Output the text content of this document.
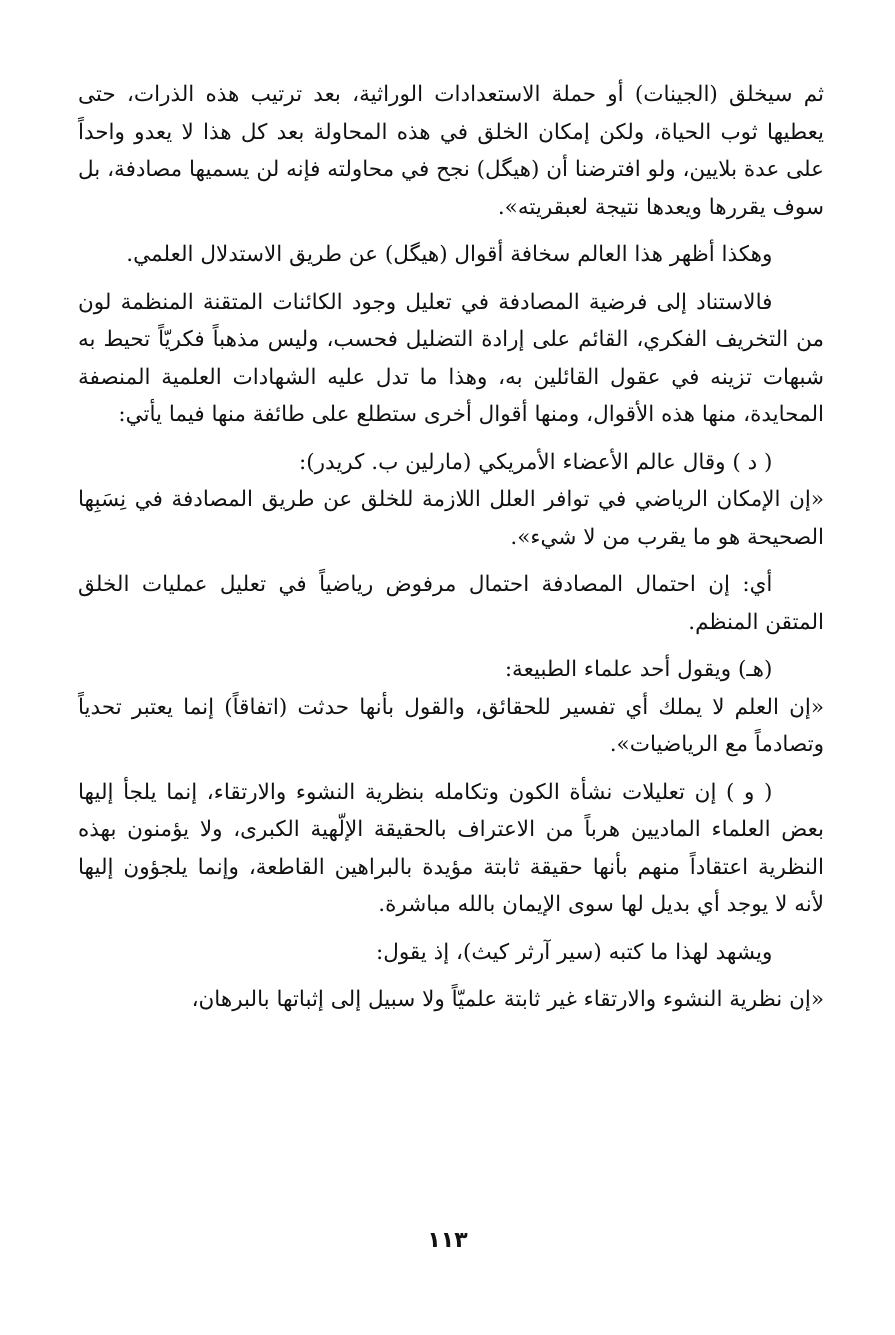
ثم سيخلق (الجينات) أو حملة الاستعدادات الوراثية، بعد ترتيب هذه الذرات، حتى يعطيها ثوب الحياة، ولكن إمكان الخلق في هذه المحاولة بعد كل هذا لا يعدو واحداً على عدة بلايين، ولو افترضنا أن (هيگل) نجح في محاولته فإنه لن يسميها مصادفة، بل سوف يقررها ويعدها نتيجة لعبقريته».

وهكذا أظهر هذا العالم سخافة أقوال (هيگل) عن طريق الاستدلال العلمي.

فالاستناد إلى فرضية المصادفة في تعليل وجود الكائنات المتقنة المنظمة لون من التخريف الفكري، القائم على إرادة التضليل فحسب، وليس مذهباً فكريّاً تحيط به شبهات تزينه في عقول القائلين به، وهذا ما تدل عليه الشهادات العلمية المنصفة المحايدة، منها هذه الأقوال، ومنها أقوال أخرى ستطلع على طائفة منها فيما يأتي:

( د ) وقال عالم الأعضاء الأمريكي (مارلين ب. كريدر):

«إن الإمكان الرياضي في توافر العلل اللازمة للخلق عن طريق المصادفة في نِسَبِها الصحيحة هو ما يقرب من لا شيء».

أي: إن احتمال المصادفة احتمال مرفوض رياضياً في تعليل عمليات الخلق المتقن المنظم.

(هـ) ويقول أحد علماء الطبيعة:

«إن العلم لا يملك أي تفسير للحقائق، والقول بأنها حدثت (اتفاقاً) إنما يعتبر تحدياً وتصادماً مع الرياضيات».

( و ) إن تعليلات نشأة الكون وتكامله بنظرية النشوء والارتقاء، إنما يلجأ إليها بعض العلماء الماديين هرباً من الاعتراف بالحقيقة الإلّهية الكبرى، ولا يؤمنون بهذه النظرية اعتقاداً منهم بأنها حقيقة ثابتة مؤيدة بالبراهين القاطعة، وإنما يلجؤون إليها لأنه لا يوجد أي بديل لها سوى الإيمان بالله مباشرة.

ويشهد لهذا ما كتبه (سير آرثر كيث)، إذ يقول:

«إن نظرية النشوء والارتقاء غير ثابتة علميّاً ولا سبيل إلى إثباتها بالبرهان،

١١٣
